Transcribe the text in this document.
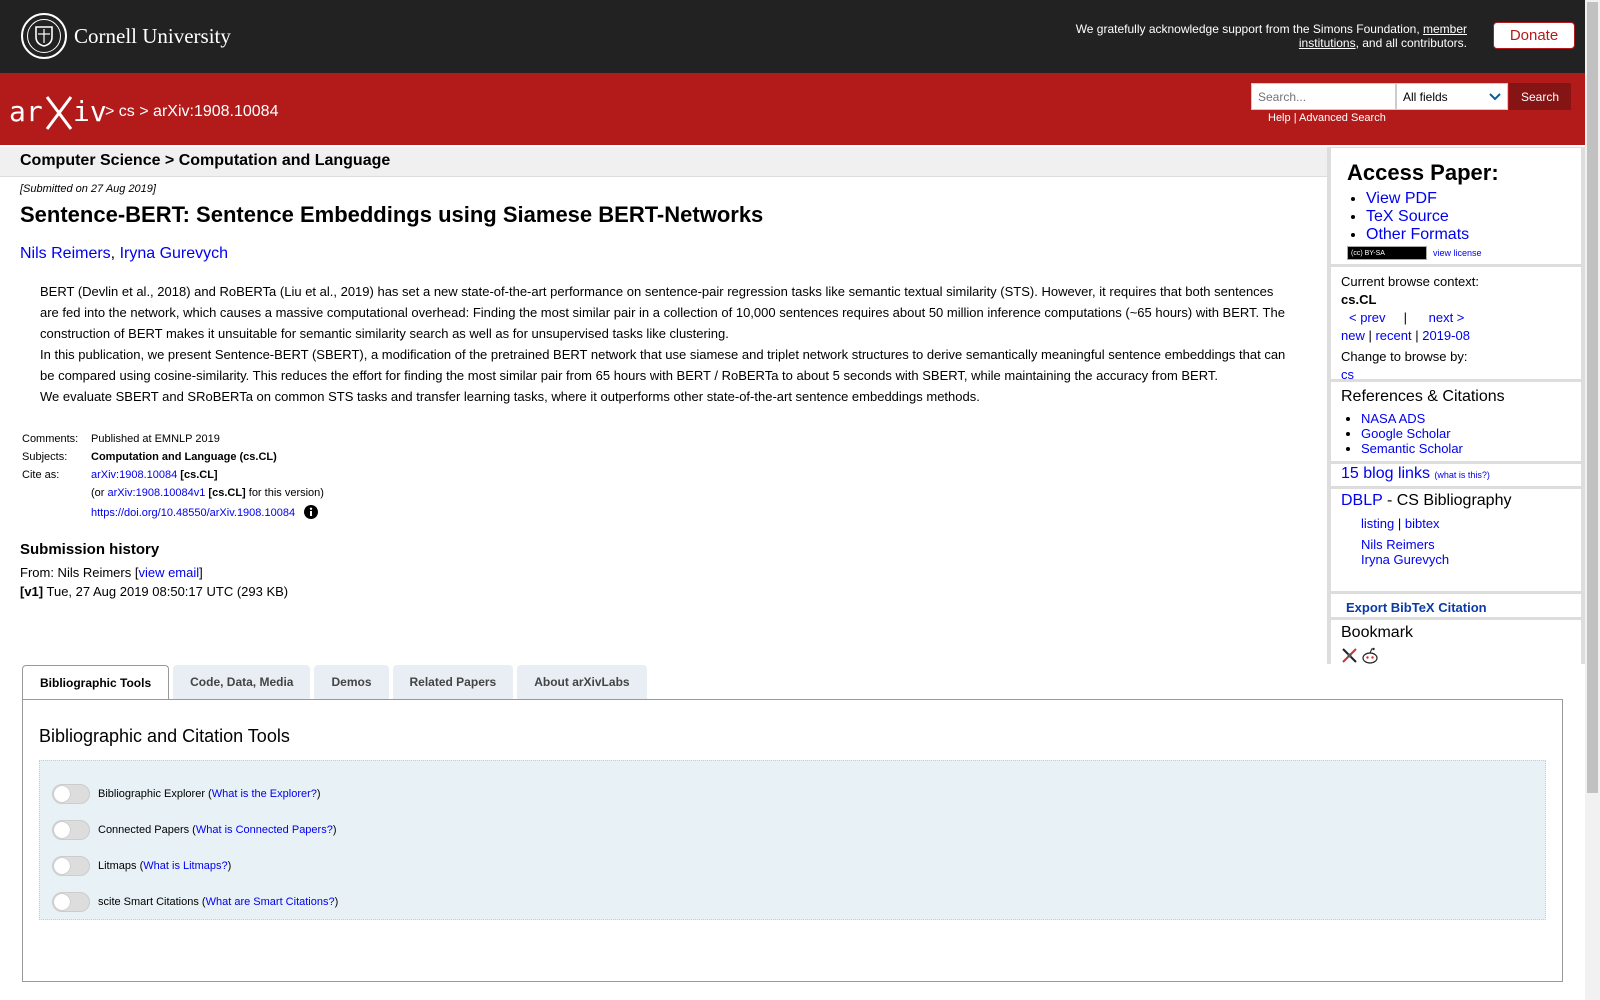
Cornell University	We gratefully acknowledge support from the Simons Foundation, member institutions, and all contributors.	Donate
ar iv
> cs > arXiv:1908.10084
Search...
All fields	Search
Help | Advanced Search
Computer Science > Computation and Language
[Submitted on 27 Aug 2019]
Sentence-BERT: Sentence Embeddings using Siamese BERT-Networks
Nils Reimers, Iryna Gurevych

BERT (Devlin et al., 2018) and RoBERTa (Liu et al., 2019) has set a new state-of-the-art performance on sentence-pair regression tasks like semantic textual similarity (STS). However, it requires that both sentences are fed into the network, which causes a massive computational overhead: Finding the most similar pair in a collection of 10,000 sentences requires about 50 million inference computations (~65 hours) with BERT. The construction of BERT makes it unsuitable for semantic similarity search as well as for unsupervised tasks like clustering.

In this publication, we present Sentence-BERT (SBERT), a modification of the pretrained BERT network that use siamese and triplet network structures to derive semantically meaningful sentence embeddings that can be compared using cosine-similarity. This reduces the effort for finding the most similar pair from 65 hours with BERT / RoBERTa to about 5 seconds with SBERT, while maintaining the accuracy from BERT.

We evaluate SBERT and SRoBERTa on common STS tasks and transfer learning tasks, where it outperforms other state-of-the-art sentence embeddings methods.

Comments:	Published at EMNLP 2019
Subjects:	Computation and Language (cs.CL)
Cite as:	arXiv:1908.10084 [cs.CL]
	(or arXiv:1908.10084v1 [cs.CL] for this version)
	https://doi.org/10.48550/arXiv.1908.10084
Submission history
From: Nils Reimers [view email]
[v1] Tue, 27 Aug 2019 08:50:17 UTC (293 KB)
Access Paper:
• View PDF
• TeX Source
• Other Formats
(cc) BY-SA	view license
Current browse context:
cs.CL
< prev | next >
new | recent | 2019-08
Change to browse by:
cs
References & Citations
• NASA ADS
• Google Scholar
• Semantic Scholar
15 blog links (what is this?)
DBLP - CS Bibliography
listing | bibtex
Nils Reimers
Iryna Gurevych
Export BibTeX Citation
Bookmark
Bibliographic Tools	Code, Data, Media	Demos	Related Papers	About arXivLabs
Bibliographic and Citation Tools
Bibliographic Explorer ( What is the Explorer? )
Connected Papers ( What is Connected Papers? )
Litmaps ( What is Litmaps? )
scite Smart Citations ( What are Smart Citations? )
